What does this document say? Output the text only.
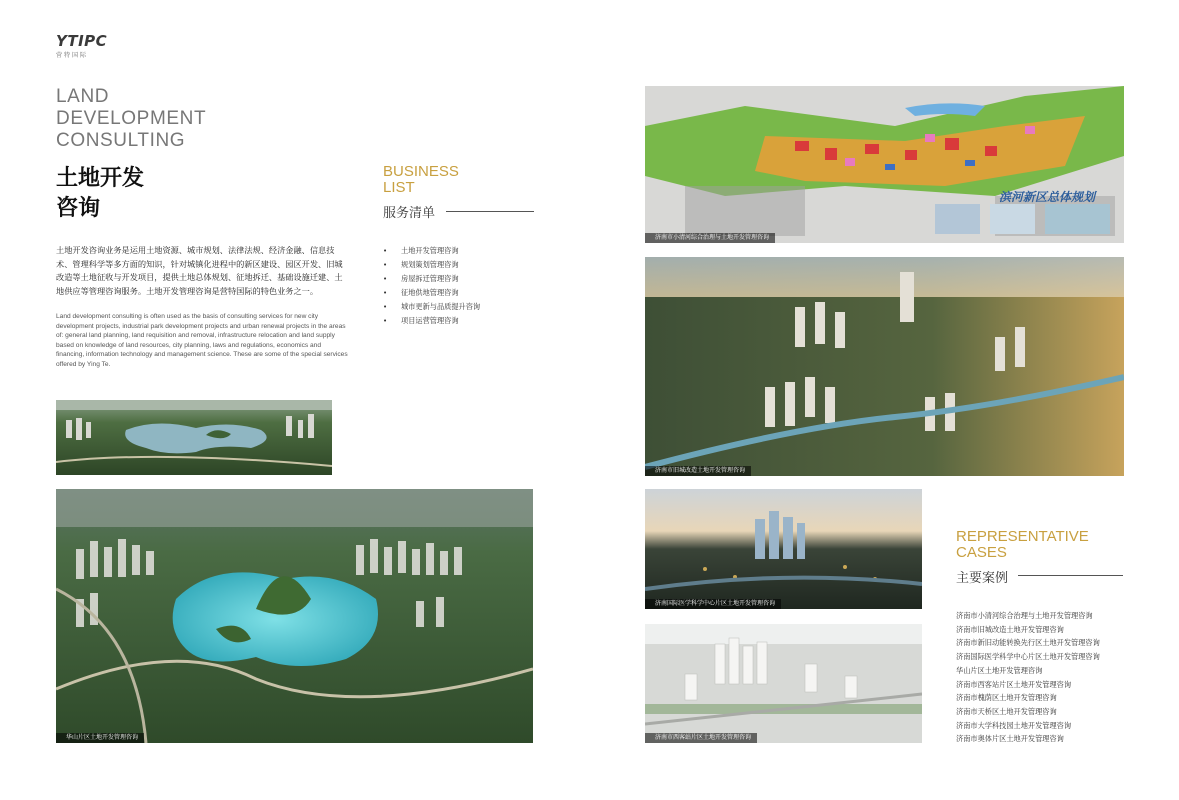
YTIPC
营特国际
LAND
DEVELOPMENT
CONSULTING
土地开发
咨询
土地开发咨询业务是运用土地资源、城市规划、法律法规、经济金融、信息技术、管理科学等多方面的知识，针对城镇化进程中的新区建设、园区开发、旧城改造等土地征收与开发项目，提供土地总体规划、征地拆迁、基础设施迁建、土地供应等管理咨询服务。土地开发管理咨询是营特国际的特色业务之一。
Land development consulting is often used as the basis of consulting services for new city development projects, industrial park development projects and urban renewal projects in the areas of: general land planning, land requisition and removal, infrastructure relocation and land supply based on knowledge of land resources, city planning, laws and regulations, economics and financing, information technology and management science. These are some of the special services offered by Ying Te.
BUSINESS
LIST
服务清单
• 土地开发管理咨询
• 规划策划管理咨询
• 房屋拆迁管理咨询
• 征地供地管理咨询
• 城市更新与品质提升咨询
• 项目运营管理咨询
华山片区土地开发管理咨询
滨河新区总体规划
济南市小清河综合治理与土地开发管理咨询
济南市旧城改造土地开发管理咨询
济南国际医学科学中心片区土地开发管理咨询
济南市西客站片区土地开发管理咨询
REPRESENTATIVE
CASES
主要案例
济南市小清河综合治理与土地开发管理咨询
济南市旧城改造土地开发管理咨询
济南市新旧动能转换先行区土地开发管理咨询
济南国际医学科学中心片区土地开发管理咨询
华山片区土地开发管理咨询
济南市西客站片区土地开发管理咨询
济南市槐荫区土地开发管理咨询
济南市天桥区土地开发管理咨询
济南市大学科技园土地开发管理咨询
济南市奥体片区土地开发管理咨询
